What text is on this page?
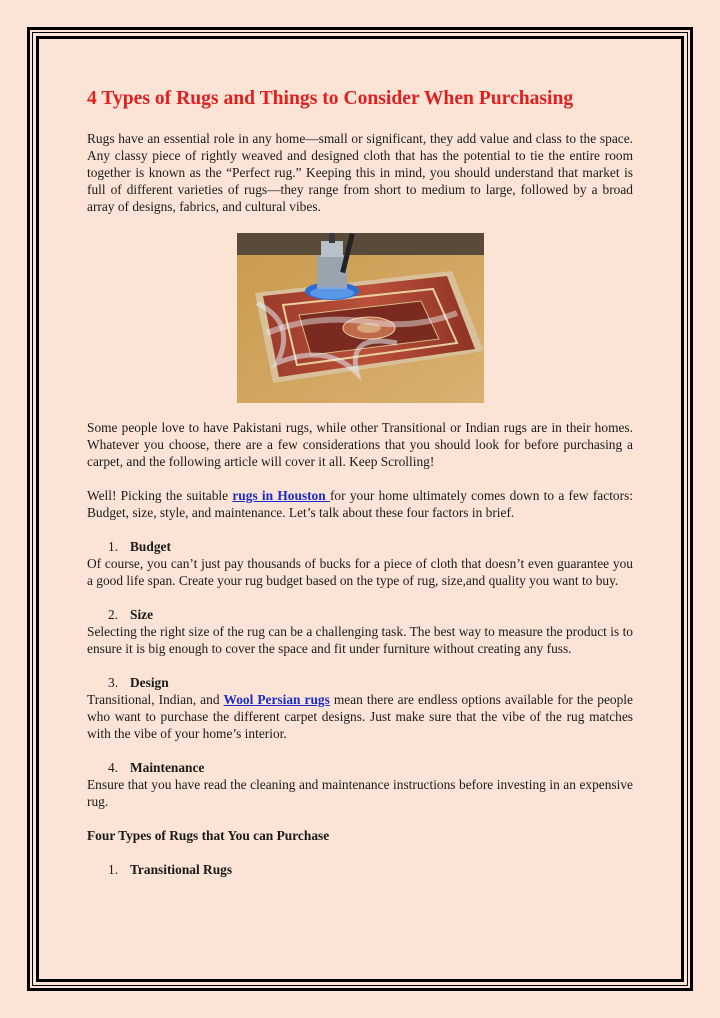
4 Types of Rugs and Things to Consider When Purchasing

Rugs have an essential role in any home—small or significant, they add value and class to the space. Any classy piece of rightly weaved and designed cloth that has the potential to tie the entire room together is known as the “Perfect rug.” Keeping this in mind, you should understand that market is full of different varieties of rugs—they range from short to medium to large, followed by a broad array of designs, fabrics, and cultural vibes.

Some people love to have Pakistani rugs, while other Transitional or Indian rugs are in their homes. Whatever you choose, there are a few considerations that you should look for before purchasing a carpet, and the following article will cover it all. Keep Scrolling!

Well! Picking the suitable rugs in Houston for your home ultimately comes down to a few factors: Budget, size, style, and maintenance. Let’s talk about these four factors in brief.

1. Budget

Of course, you can’t just pay thousands of bucks for a piece of cloth that doesn’t even guarantee you a good life span. Create your rug budget based on the type of rug, size,and quality you want to buy.

2. Size

Selecting the right size of the rug can be a challenging task. The best way to measure the product is to ensure it is big enough to cover the space and fit under furniture without creating any fuss.

3. Design

Transitional, Indian, and Wool Persian rugs mean there are endless options available for the people who want to purchase the different carpet designs. Just make sure that the vibe of the rug matches with the vibe of your home’s interior.

4. Maintenance

Ensure that you have read the cleaning and maintenance instructions before investing in an expensive rug.

Four Types of Rugs that You can Purchase

1. Transitional Rugs
